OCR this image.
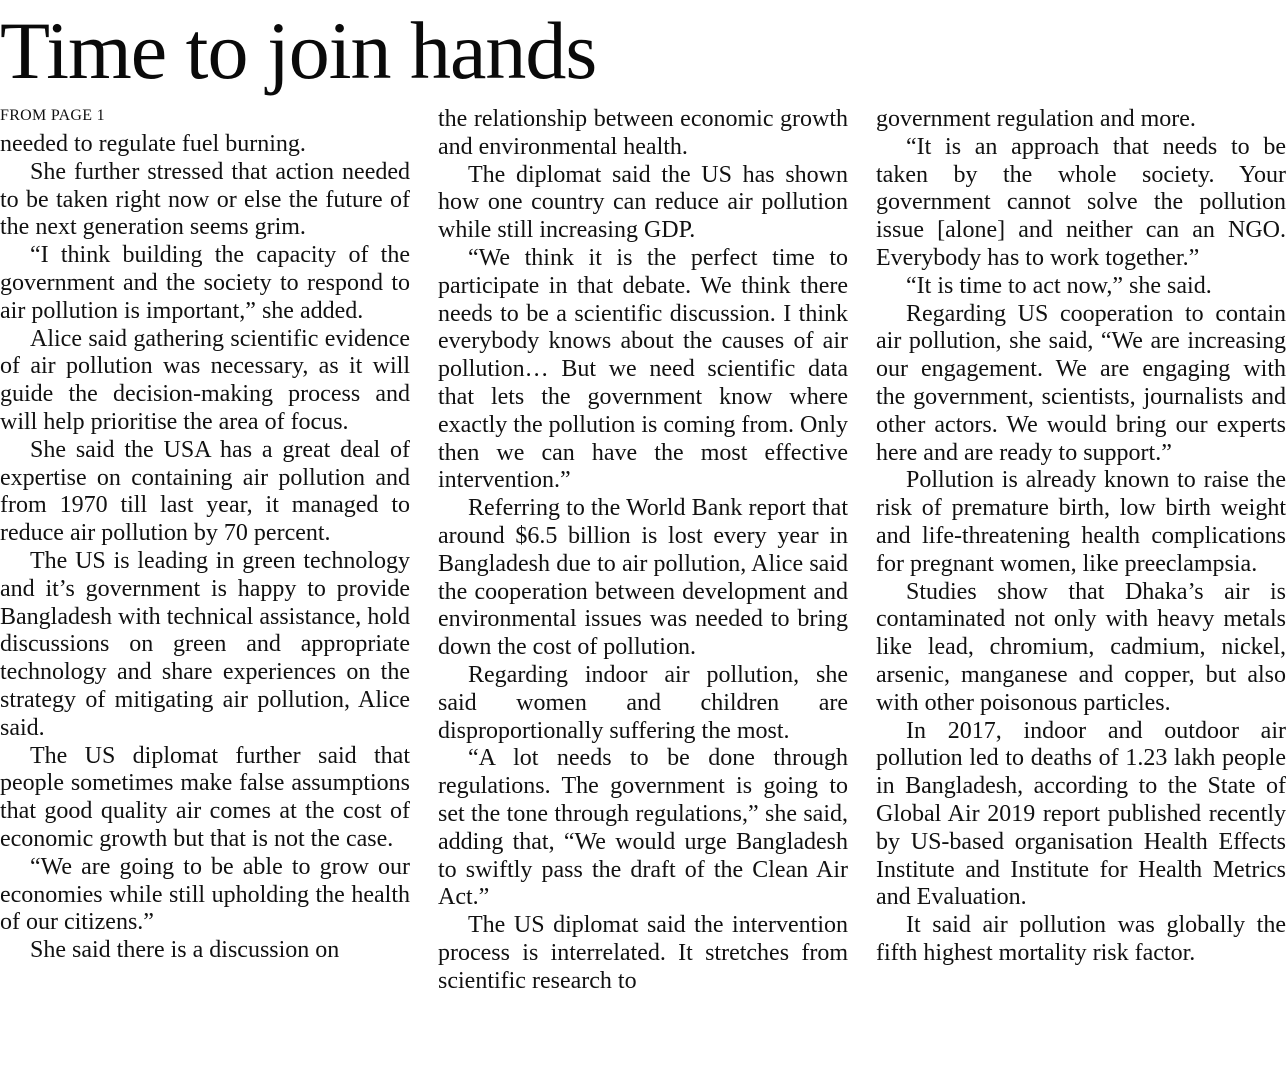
Time to join hands
FROM PAGE 1

needed to regulate fuel burning.

She further stressed that action needed to be taken right now or else the future of the next generation seems grim.

“I think building the capacity of the government and the society to respond to air pollution is important,” she added.

Alice said gathering scientific evidence of air pollution was necessary, as it will guide the decision-making process and will help prioritise the area of focus.

She said the USA has a great deal of expertise on containing air pollution and from 1970 till last year, it managed to reduce air pollution by 70 percent.

The US is leading in green technology and it’s government is happy to provide Bangladesh with technical assistance, hold discussions on green and appropriate technology and share experiences on the strategy of mitigating air pollution, Alice said.

The US diplomat further said that people sometimes make false assumptions that good quality air comes at the cost of economic growth but that is not the case.

“We are going to be able to grow our economies while still upholding the health of our citizens.”

She said there is a discussion on

the relationship between economic growth and environmental health.

The diplomat said the US has shown how one country can reduce air pollution while still increasing GDP.

“We think it is the perfect time to participate in that debate. We think there needs to be a scientific discussion. I think everybody knows about the causes of air pollution… But we need scientific data that lets the government know where exactly the pollution is coming from. Only then we can have the most effective intervention.”

Referring to the World Bank report that around $6.5 billion is lost every year in Bangladesh due to air pollution, Alice said the cooperation between development and environmental issues was needed to bring down the cost of pollution.

Regarding indoor air pollution, she said women and children are disproportionally suffering the most.

“A lot needs to be done through regulations. The government is going to set the tone through regulations,” she said, adding that, “We would urge Bangladesh to swiftly pass the draft of the Clean Air Act.”

The US diplomat said the intervention process is interrelated. It stretches from scientific research to

government regulation and more.

“It is an approach that needs to be taken by the whole society. Your government cannot solve the pollution issue [alone] and neither can an NGO. Everybody has to work together.”

“It is time to act now,” she said.

Regarding US cooperation to contain air pollution, she said, “We are increasing our engagement. We are engaging with the government, scientists, journalists and other actors. We would bring our experts here and are ready to support.”

Pollution is already known to raise the risk of premature birth, low birth weight and life-threatening health complications for pregnant women, like preeclampsia.

Studies show that Dhaka’s air is contaminated not only with heavy metals like lead, chromium, cadmium, nickel, arsenic, manganese and copper, but also with other poisonous particles.

In 2017, indoor and outdoor air pollution led to deaths of 1.23 lakh people in Bangladesh, according to the State of Global Air 2019 report published recently by US-based organisation Health Effects Institute and Institute for Health Metrics and Evaluation.

It said air pollution was globally the fifth highest mortality risk factor.
